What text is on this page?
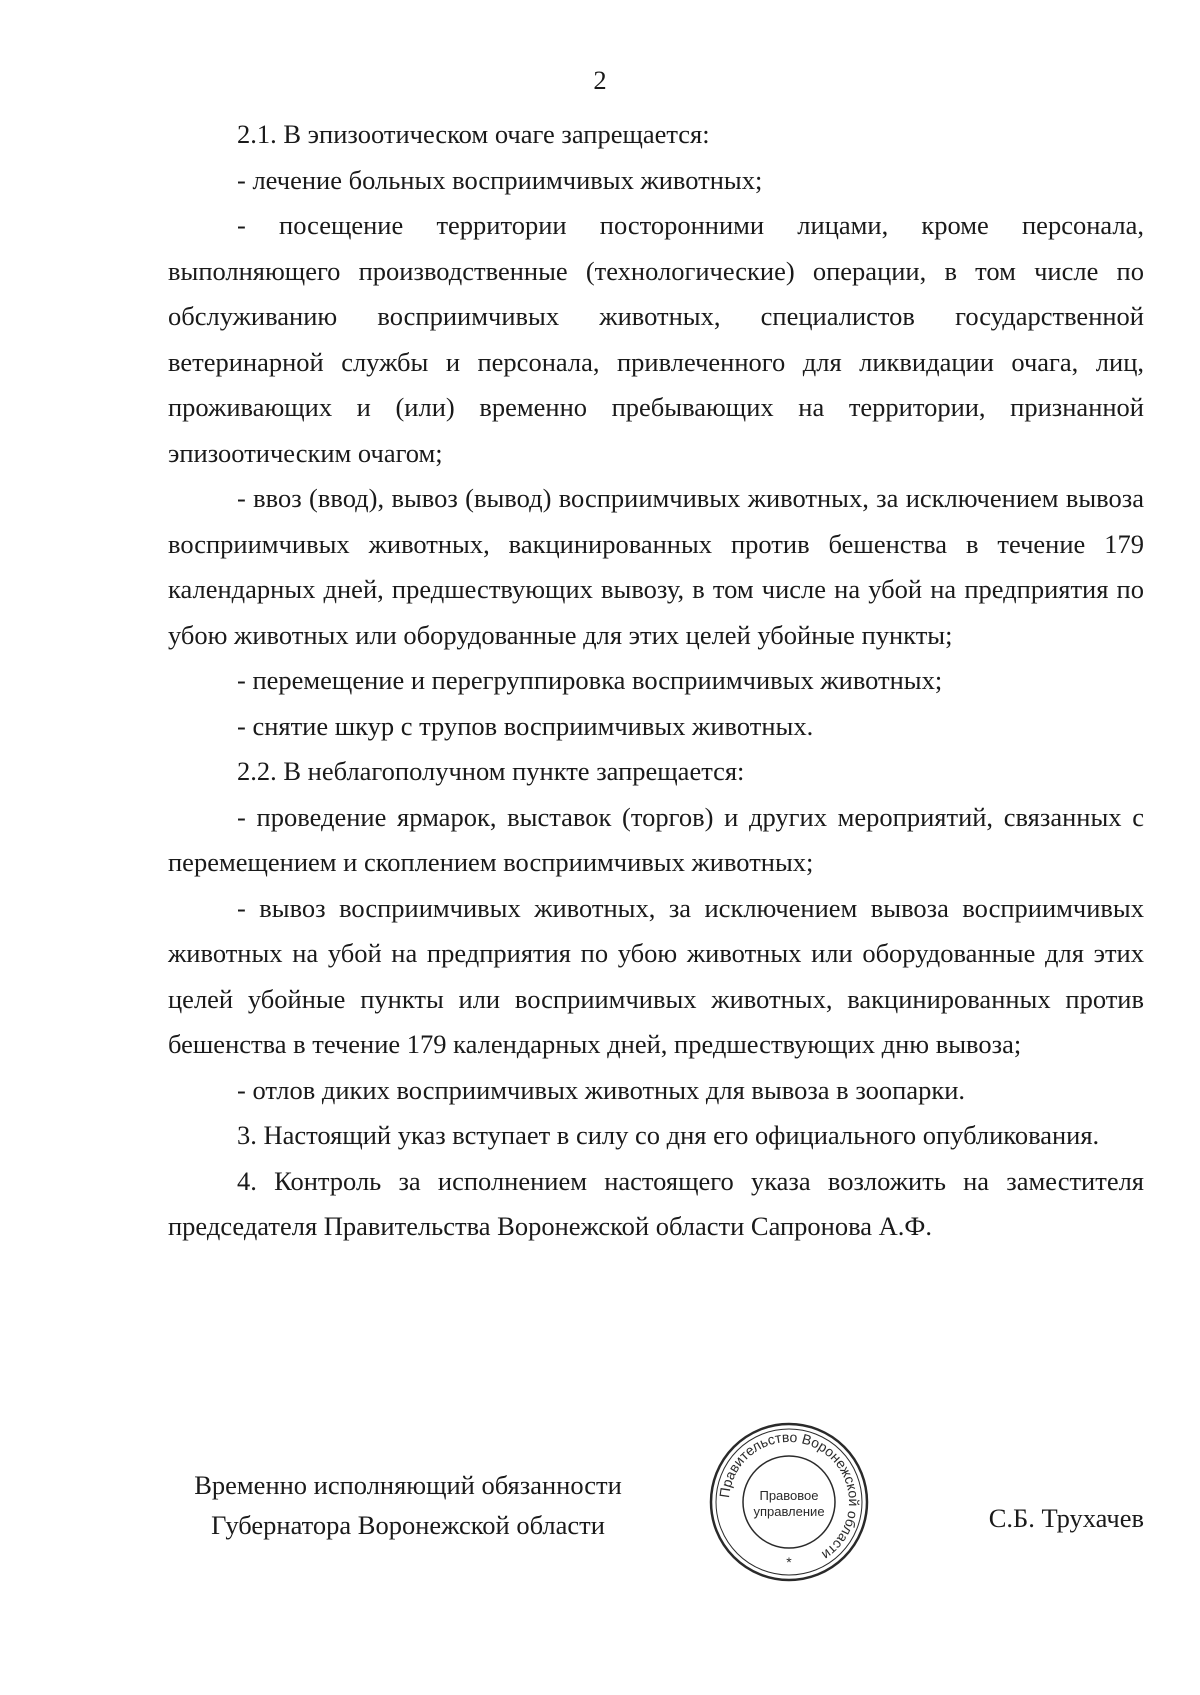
2

2.1. В эпизоотическом очаге запрещается:

- лечение больных восприимчивых животных;

- посещение территории посторонними лицами, кроме персонала, выполняющего производственные (технологические) операции, в том числе по обслуживанию восприимчивых животных, специалистов государственной ветеринарной службы и персонала, привлеченного для ликвидации очага, лиц, проживающих и (или) временно пребывающих на территории, признанной эпизоотическим очагом;

- ввоз (ввод), вывоз (вывод) восприимчивых животных, за исключением вывоза восприимчивых животных, вакцинированных против бешенства в течение 179 календарных дней, предшествующих вывозу, в том числе на убой на предприятия по убою животных или оборудованные для этих целей убойные пункты;

- перемещение и перегруппировка восприимчивых животных;

- снятие шкур с трупов восприимчивых животных.

2.2. В неблагополучном пункте запрещается:

- проведение ярмарок, выставок (торгов) и других мероприятий, связанных с перемещением и скоплением восприимчивых животных;

- вывоз восприимчивых животных, за исключением вывоза восприимчивых животных на убой на предприятия по убою животных или оборудованные для этих целей убойные пункты или восприимчивых животных, вакцинированных против бешенства в течение 179 календарных дней, предшествующих дню вывоза;

- отлов диких восприимчивых животных для вывоза в зоопарки.

3. Настоящий указ вступает в силу со дня его официального опубликования.

4. Контроль за исполнением настоящего указа возложить на заместителя председателя Правительства Воронежской области Сапронова А.Ф.

Временно исполняющий обязанности
Губернатора Воронежской области
Правительство Воронежской области
Правовое
управление
*
С.Б. Трухачев
